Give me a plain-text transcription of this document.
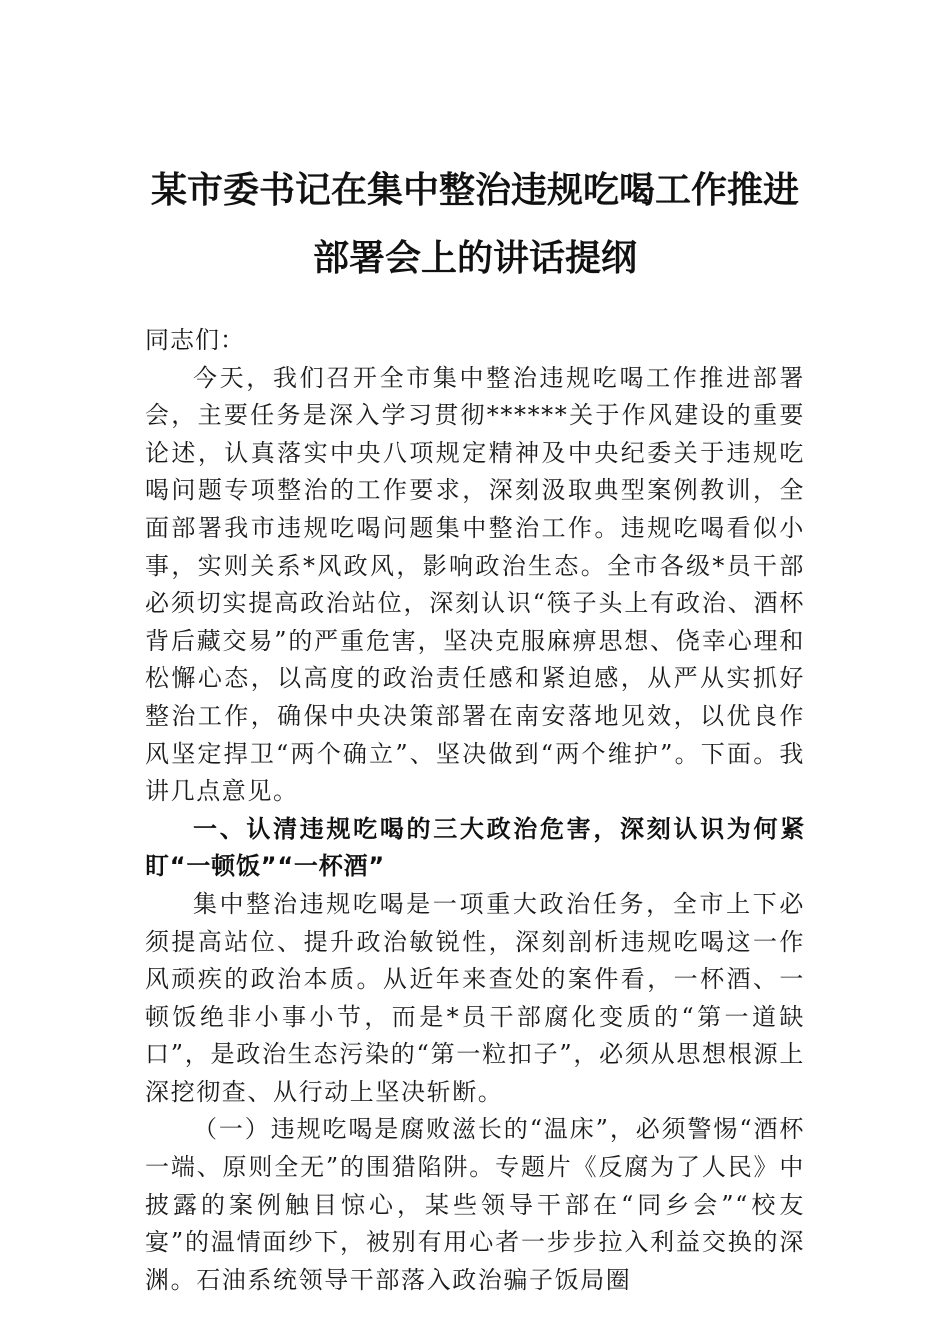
某市委书记在集中整治违规吃喝工作推进
部署会上的讲话提纲

同志们：

今天，我们召开全市集中整治违规吃喝工作推进部署会，主要任务是深入学习贯彻******关于作风建设的重要论述，认真落实中央八项规定精神及中央纪委关于违规吃喝问题专项整治的工作要求，深刻汲取典型案例教训，全面部署我市违规吃喝问题集中整治工作。违规吃喝看似小事，实则关系*风政风，影响政治生态。全市各级*员干部必须切实提高政治站位，深刻认识“筷子头上有政治、酒杯背后藏交易”的严重危害，坚决克服麻痹思想、侥幸心理和松懈心态，以高度的政治责任感和紧迫感，从严从实抓好整治工作，确保中央决策部署在南安落地见效，以优良作风坚定捍卫“两个确立”、坚决做到“两个维护”。下面。我讲几点意见。

一、认清违规吃喝的三大政治危害，深刻认识为何紧盯“一顿饭”“一杯酒”

集中整治违规吃喝是一项重大政治任务，全市上下必须提高站位、提升政治敏锐性，深刻剖析违规吃喝这一作风顽疾的政治本质。从近年来查处的案件看，一杯酒、一顿饭绝非小事小节，而是*员干部腐化变质的“第一道缺口”，是政治生态污染的“第一粒扣子”，必须从思想根源上深挖彻查、从行动上坚决斩断。

（一）违规吃喝是腐败滋长的“温床”，必须警惕“酒杯一端、原则全无”的围猎陷阱。专题片《反腐为了人民》中披露的案例触目惊心，某些领导干部在“同乡会”“校友宴”的温情面纱下，被别有用心者一步步拉入利益交换的深渊。石油系统领导干部落入政治骗子饭局圈
